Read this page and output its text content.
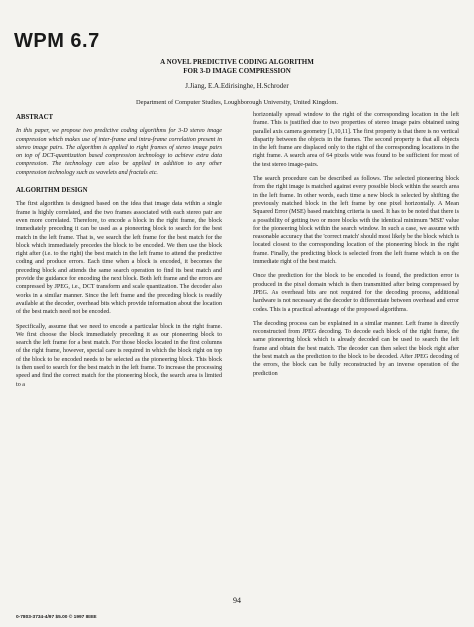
WPM 6.7
A NOVEL PREDICTIVE CODING ALGORITHM
FOR 3-D IMAGE COMPRESSION
J.Jiang, E.A.Edirisinghe, H.Schroder
Department of Computer Studies, Loughborough University, United Kingdom.
ABSTRACT

In this paper, we propose two predictive coding algorithms for 3-D stereo image compression which makes use of inter-frame and intra-frame correlation present in stereo image pairs. The algorithm is applied to right frames of stereo image pairs on top of DCT-quantization based compression technology to achieve extra data compression. The technology can also be applied in addition to any other compression technology such as wavelets and fractals etc.

ALGORITHM DESIGN

The first algorithm is designed based on the idea that image data within a single frame is highly correlated, and the two frames associated with each stereo pair are even more correlated. Therefore, to encode a block in the right frame, the block immediately preceding it can be used as a pioneering block to search for the best match in the left frame. That is, we search the left frame for the best match for the block which immediately precedes the block to be encoded. We then use the block right after (i.e. to the right) the best match in the left frame to attend the predictive coding and produce errors. Each time when a block is encoded, it becomes the preceding block and attends the same search operation to find its best match and provide the guidance for encoding the next block. Both left frame and the errors are compressed by JPEG, i.e., DCT transform and scale quantization. The decoder also works in a similar manner. Since the left frame and the preceding block is readily available at the decoder, overhead bits which provide information about the location of the best match need not be encoded.

Specifically, assume that we need to encode a particular block in the right frame. We first choose the block immediately preceding it as our pioneering block to search the left frame for a best match. For those blocks located in the first columns of the right frame, however, special care is required in which the block right on top of the block to be encoded needs to be selected as the pioneering block. This block is then used to search for the best match in the left frame. To increase the processing speed and find the correct match for the pioneering block, the search area is limited to a

horizontally spread window to the right of the corresponding location in the left frame. This is justified due to two properties of stereo image pairs obtained using parallel axis camera geometry [1,10,11]. The first property is that there is no vertical disparity between the objects in the frames. The second property is that all objects in the left frame are displaced only to the right of the corresponding locations in the right frame. A search area of 64 pixels wide was found to be sufficient for most of the test stereo image-pairs.

The search procedure can be described as follows. The selected pioneering block from the right image is matched against every possible block within the search area in the left frame. In other words, each time a new block is selected by shifting the previously matched block in the left frame by one pixel horizontally. A Mean Squared Error (MSE) based matching criteria is used. It has to be noted that there is a possibility of getting two or more blocks with the identical minimum 'MSE' value for the pioneering block within the search window. In such a case, we assume with reasonable accuracy that the 'correct match' should most likely be the block which is located closest to the corresponding location of the pioneering block in the right frame. Finally, the predicting block is selected from the left frame which is on the immediate right of the best match.

Once the prediction for the block to be encoded is found, the prediction error is produced in the pixel domain which is then transmitted after being compressed by JPEG. As overhead bits are not required for the decoding process, additional hardware is not necessary at the decoder to differentiate between overhead and error codes. This is a practical advantage of the proposed algorithms.

The decoding process can be explained in a similar manner. Left frame is directly reconstructed from JPEG decoding. To decode each block of the right frame, the same pioneering block which is already decoded can be used to search the left frame and obtain the best match. The decoder can then select the block right after the best match as the prediction to the block to be decoded. After JPEG decoding of the errors, the block can be fully reconstructed by an inverse operation of the prediction

94
0-7803-3734-4/97 $5.00 © 1997 IEEE
